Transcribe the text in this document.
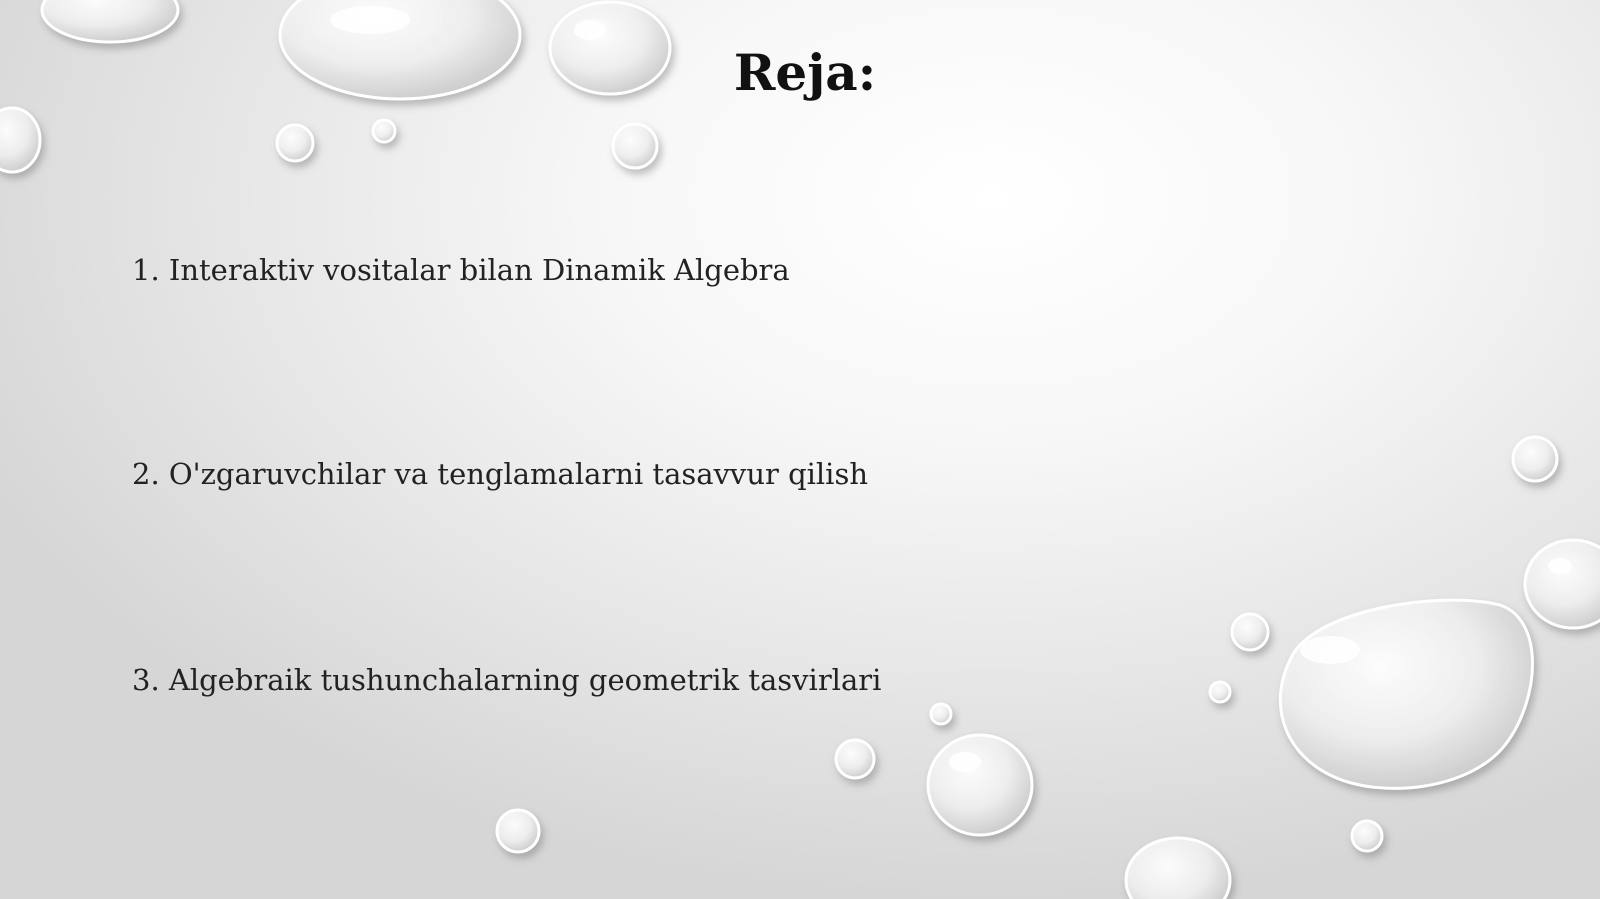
Reja:
1. Interaktiv vositalar bilan Dinamik Algebra
2. O'zgaruvchilar va tenglamalarni tasavvur qilish
3. Algebraik tushunchalarning geometrik tasvirlari
